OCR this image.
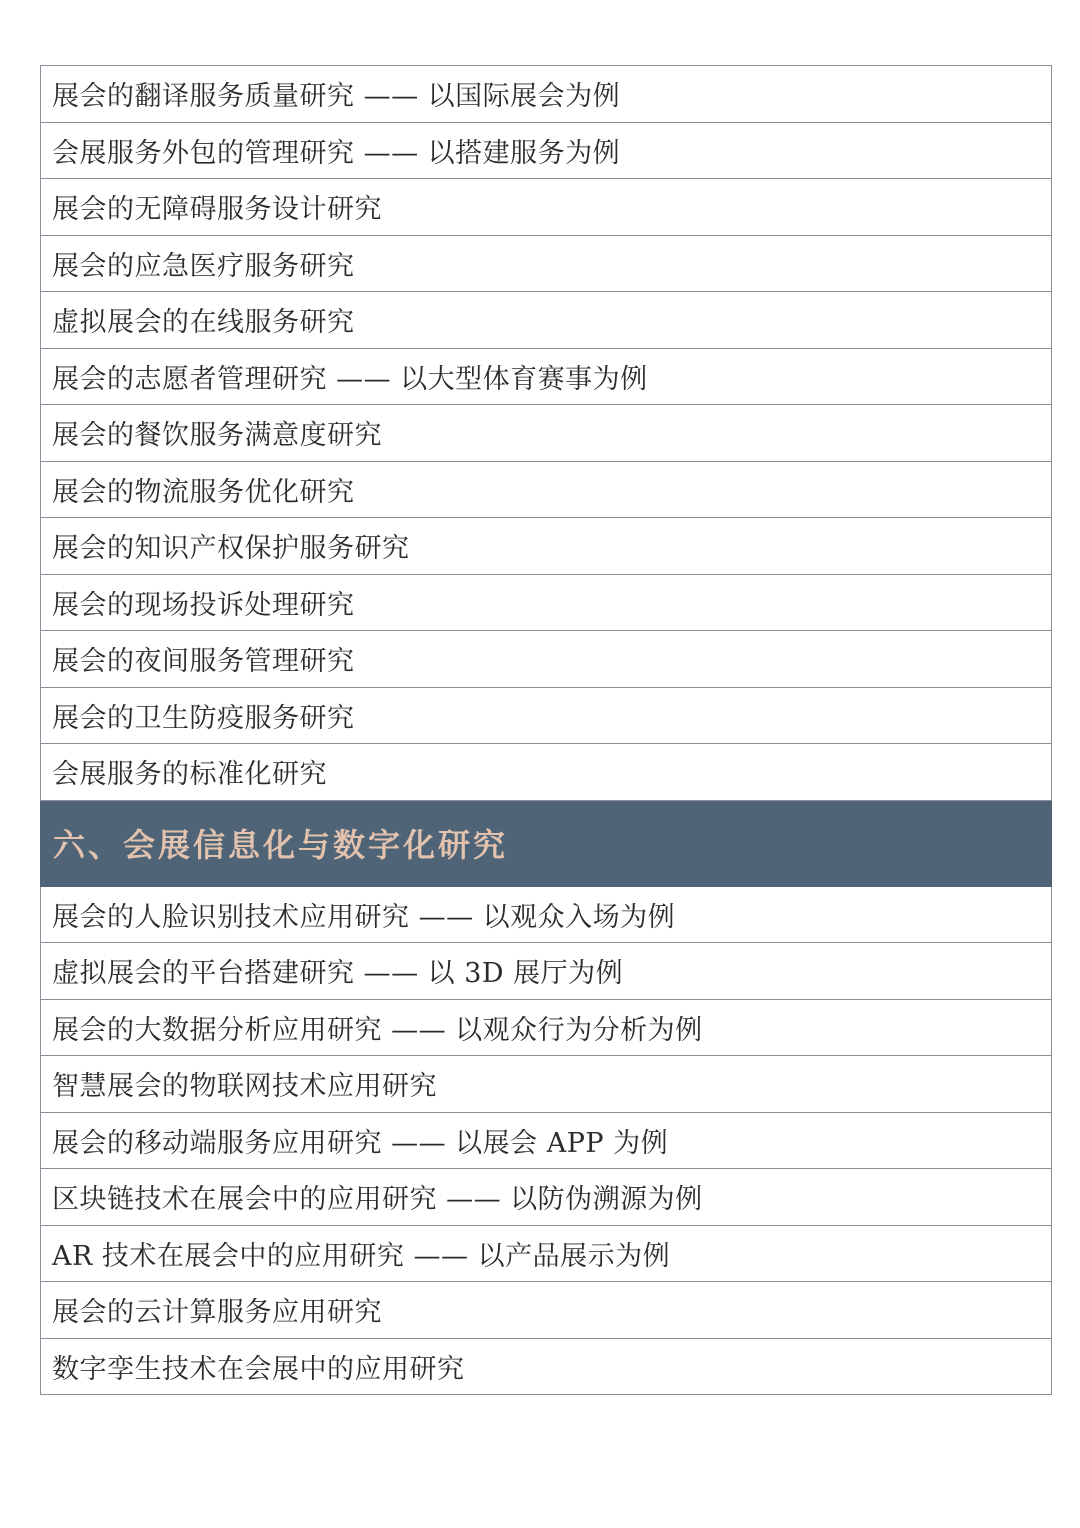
展会的翻译服务质量研究 —— 以国际展会为例
会展服务外包的管理研究 —— 以搭建服务为例
展会的无障碍服务设计研究
展会的应急医疗服务研究
虚拟展会的在线服务研究
展会的志愿者管理研究 —— 以大型体育赛事为例
展会的餐饮服务满意度研究
展会的物流服务优化研究
展会的知识产权保护服务研究
展会的现场投诉处理研究
展会的夜间服务管理研究
展会的卫生防疫服务研究
会展服务的标准化研究
六、会展信息化与数字化研究
展会的人脸识别技术应用研究 —— 以观众入场为例
虚拟展会的平台搭建研究 —— 以 3D 展厅为例
展会的大数据分析应用研究 —— 以观众行为分析为例
智慧展会的物联网技术应用研究
展会的移动端服务应用研究 —— 以展会 APP 为例
区块链技术在展会中的应用研究 —— 以防伪溯源为例
AR 技术在展会中的应用研究 —— 以产品展示为例
展会的云计算服务应用研究
数字孪生技术在会展中的应用研究
